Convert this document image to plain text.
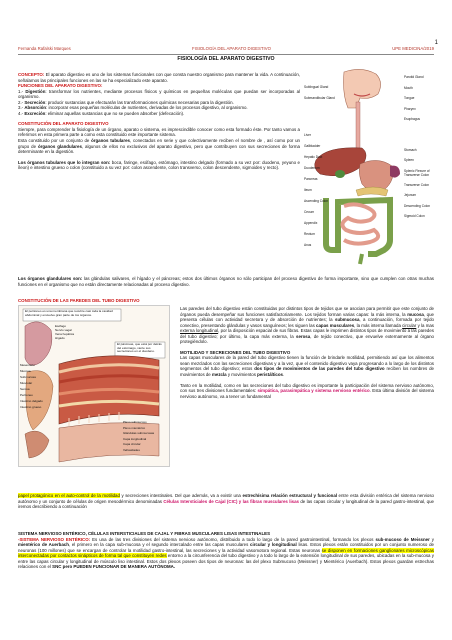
1
Fernanda Rafalski Marques	FISIOLOGÍA DEL APARATO DIGESTIVO	UPE MEDICINA/2019
FISIOLOGÍA DEL APARATO DIGESTIVO

CONCEPTO: El aparato digestivo es uno de los sistemas funcionales con que consta nuestro organismo para mantener la vida. A continuación, señalamos las principales funciones en las se ha especializado este aparato.

FUNCIONES DEL APARATO DIGESTIVO:

1.- Digestión: transformar los nutrientes, mediante procesos físicos y químicos en pequeñas moléculas que puedan ser incorporadas al organismo.

2.- Secreción: producir sustancias que efectuarán las transformaciones químicas necesarias para la digestión.

3.- Absorción: incorporar esas pequeñas moléculas de nutrientes, derivadas de los procesos digestivo, al organismo.

4.- Excreción: eliminar aquellas sustancias que no se pueden absorber (defecación).

CONSTITUCIÓN DEL APARATO DIGESTIVO

Siempre, para comprender la fisiología de un órgano, aparato o sistema, es imprescindible conocer como esta formado éste. Por tanto vamos a referirnos en esta primera parte a como esta constituido este importante sistema.

Esta constituido por un conjunto de órganos tubulares, conectados en serie y que colectivamente reciben el nombre de , así como por un grupo de órganos glandulares, algunos de ellos no exclusivos del aparato digestivo, pero que contribuyen con sus secreciones de forma determinante en la digestión.

Los órganos tubulares que lo integran son: boca, faringe, esófago, estómago, intestino delgado (formado a su vez por: duodeno, yeyuno e íleon) e intestino grueso o colon (constituido a su vez por: colon ascendente, colon transverso, colon descendente, sigmoides y recto).

Los órganos glandulares son: las glándulas salivares, el hígado y el páncreas; estos dos últimos órganos no sólo participan del proceso digestivo de forma importante, sino que cumplen con otras muchas funciones en el organismo que no están directamente relacionadas al proceso digestivo.

Sublingual Gland
Submandibular Gland
Liver
Gallbladder
Hepatic Duct
Duodenum
Pancreas
Ileum
Ascending Colon
Cecum
Appendix
Rectum
Anus
Parotid Gland
Mouth
Tongue
Pharynx
Esophagus
Stomach
Spleen
Splenic Flexure of Transverse Colon
Transverse Colon
Jejunum
Descending Colon
Sigmoid Colon
CONSTITUCIÓN DE LAS PAREDES DEL TUBO DIGESTIVO
El peritoneo es una membrana que recubre casi toda la cavidad abdominal y envuelve gran parte de los órganos.
El páncreas, que está por detrás del estómago, vierte sus secreciones en el duodeno.
Esófago
Nervio vagal
Vena hepática
Hígado
Mesenterio
Mucosa
Submucosa
Muscular
Serosa
Peritoneo
Intestino delgado
Intestino grueso
Plexo submucoso
Plexo mientérico
Glándulas submucosas
Capa longitudinal
Capa circular
Vellosidades

Las paredes del tubo digestivo están constituidas por distintos tipos de tejidos que se asocian para permitir que este conjunto de órganos pueda desempeñar sus funciones satisfactoriamente. Los tejidos forman varias capas: la más interna, la mucosa, que presenta células con actividad secretora y de absorción de nutrientes; la submucosa, a continuación, formada por tejido conectivo, presentando glándulas y vasos sanguíneos; les siguen las capas musculares, la más interna llamada circular y la mas externa longitudinal, por la disposición espacial de sus fibras. Estas capas le imprimen distintos tipos de movimiento a las paredes del tubo digestivo; por último, la capa más externa, la serosa, de tejido conectivo, que envuelve externamente al órgano protegiéndolo.

MOTILIDAD Y SECRECIONES DEL TUBO DIGESTIVO

Las capas musculares de la pared del tubo digestivo tienen la función de brindarle motilidad, permitiendo así que los alimentos sean mezclados con las secreciones digestivas y a la vez, que el contenido digestivo vaya progresando a lo largo de los distintos segmentos del tubo digestivo; estos dos tipos de movimientos de las paredes del tubo digestivo reciben los nombres de movimientos de mezcla y movimientos peristálticos.

Tanto en la motilidad, como en las secreciones del tubo digestivo es importante la participación del sistema nervioso autónomo, con sus tres divisiones fundamentales: simpática, parasimpática y sistema nervioso entérico. Esta última división del sistema nervioso autónomo, va a tener un fundamental

papel protagónico en el auto-control de la motilidad y secreciones intestinales. Del que además, va a existir una estrechísima relación estructural y funcional entre esta división entérica del sistema nervioso autónomo y un conjunto de células de origen mesodérmico denominadas Células Intersticiales de Cajal (CIC) y las fibras musculares lisas de las capas circular y longitudinal de la pared gastro-intestinal, que iremos describiendo a continuación

SISTEMA NERVIOSO ENTÉRICO, CÉLULAS INTERSTICIALES DE CAJAL Y FIBRAS MUSCULARES LISAS INTESTINALES

-SISTEMA NERVIOSO ENTÉRICO: Es una de las tres divisiones del sistema nervioso autónomo, distribuido a todo lo largo de la pared gastrointestinal, formando los plexos sub-mucoso de Meissner y mientérico de Auerbach, el primero en la capa sub-mucosa y el segundo intercalado entre las capas musculares circular y longitudinal lisas. Estos plexos están constituidos por un conjunto numeroso de neuronas (100 millones) que se encargan de controlar la motilidad gastro-intestinal, las secreciones y la actividad vasomotora regional. Estas neuronas se disponen en formaciones ganglionares microscópicas interconectadas por contactos sinápticos de forma tal que constituyen redes entorno a la circunferencia del tubo digestivo y a todo lo largo de la extensión longitudinal de sus paredes, ubicadas en la sub-mucosa y entre las capas circular y longitudinal de músculo liso intestinal. Estos dos plexos poseen dos tipos de neuronas: las del plexo Submucoso (Meissner) y Mientérico (Auerbach). Estos plexos guardan estrechas relaciones con el SNC pero PUEDEN FUNCIONAR DE MANERA AUTÓNOMA.
